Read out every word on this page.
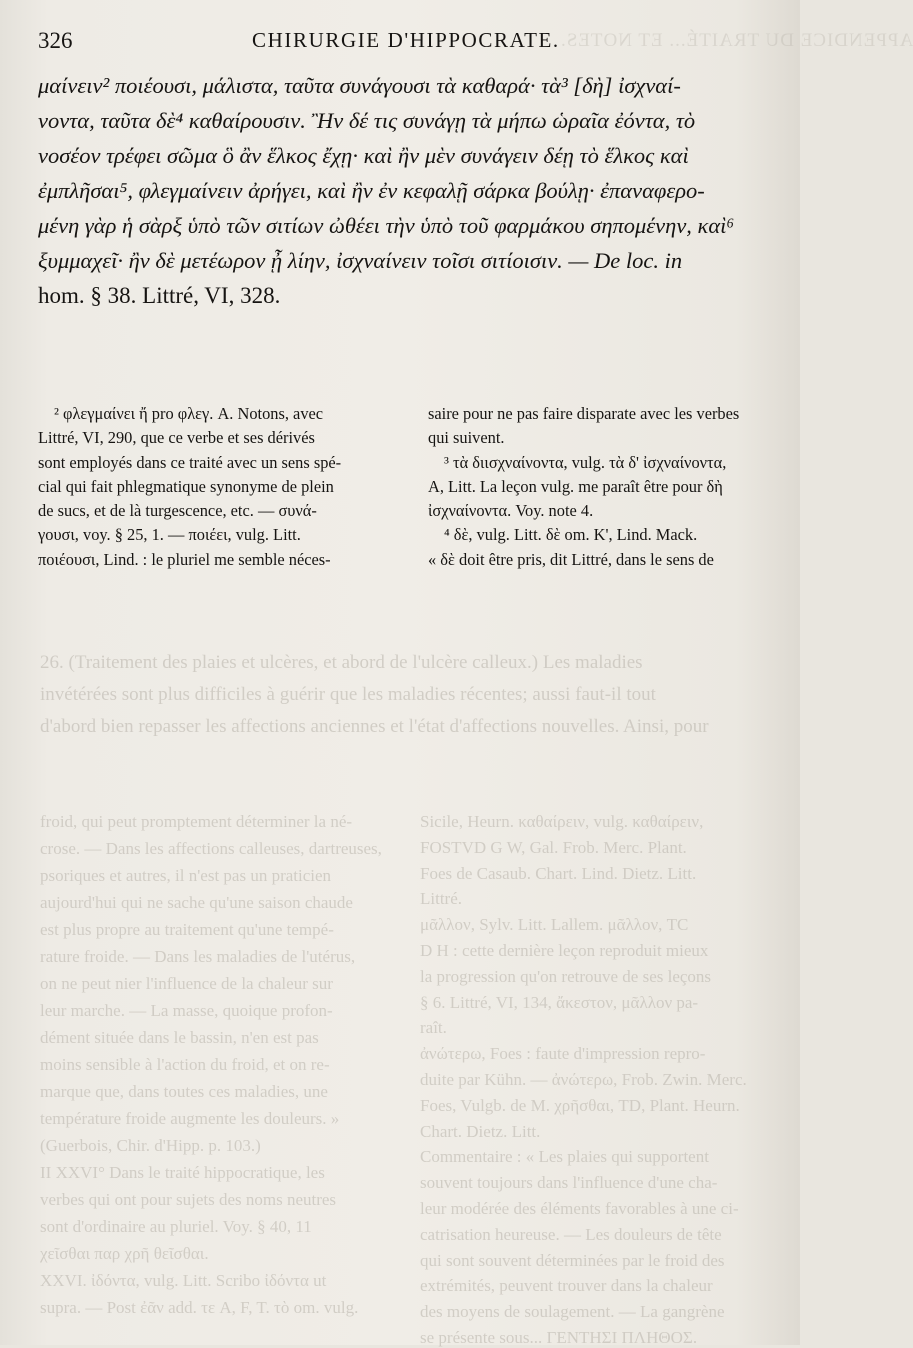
APPENDICE DU TRAITÉ... ET NOTES.
26. (Traitement des plaies et ulcères, et abord de l'ulcère calleux.) Les maladies
invétérées sont plus difficiles à guérir que les maladies récentes; aussi faut-il tout
d'abord bien repasser les affections anciennes et l'état d'affections nouvelles. Ainsi, pour
froid, qui peut promptement déterminer la né-
crose. — Dans les affections calleuses, dartreuses,
psoriques et autres, il n'est pas un praticien
aujourd'hui qui ne sache qu'une saison chaude
est plus propre au traitement qu'une tempé-
rature froide. — Dans les maladies de l'utérus,
on ne peut nier l'influence de la chaleur sur
leur marche. — La masse, quoique profon-
dément située dans le bassin, n'en est pas
moins sensible à l'action du froid, et on re-
marque que, dans toutes ces maladies, une
température froide augmente les douleurs. »
(Guerbois, Chir. d'Hipp. p. 103.)
II XXVI° Dans le traité hippocratique, les
verbes qui ont pour sujets des noms neutres
sont d'ordinaire au pluriel. Voy. § 40, 11
χεῖσθαι παρ χρῆ θεῖσθαι.
XXVI. ἰδόντα, vulg. Litt. Scribo ἰδόντα ut
supra. — Post ἐᾶν add. τε A, F, T. τὸ om. vulg.
Sicile, Heurn. καθαίρειν, vulg. καθαίρειν,
FOSTVD G W, Gal. Frob. Merc. Plant.
Foes de Casaub. Chart. Lind. Dietz. Litt.
Littré.
μᾶλλον, Sylv. Litt. Lallem. μᾶλλον, TC
D H : cette dernière leçon reproduit mieux
la progression qu'on retrouve de ses leçons
§ 6. Littré, VI, 134, ἄκεστον, μᾶλλον pa-
raît.
ἀνώτερω, Foes : faute d'impression repro-
duite par Kühn. — ἀνώτερω, Frob. Zwin. Merc.
Foes, Vulgb. de M. χρῆσθαι, TD, Plant. Heurn.
Chart. Dietz. Litt.
Commentaire : « Les plaies qui supportent
souvent toujours dans l'influence d'une cha-
leur modérée des éléments favorables à une ci-
catrisation heureuse. — Les douleurs de tête
qui sont souvent déterminées par le froid des
extrémités, peuvent trouver dans la chaleur
des moyens de soulagement. — La gangrène
se présente sous... ΓΕΝΤΗΣΙ ΠΛΗΘΟΣ.
326	CHIRURGIE D'HIPPOCRATE.
μαίνειν² ποιέουσι, μάλιστα, ταῦτα συνάγουσι τὰ καθαρά· τὰ³ [δὴ] ἰσχναί-
νοντα, ταῦτα δὲ⁴ καθαίρουσιν. Ἢν δέ τις συνάγῃ τὰ μήπω ὡραῖα ἐόντα, τὸ
νοσέον τρέφει σῶμα ὃ ἂν ἕλκος ἔχῃ· καὶ ἢν μὲν συνάγειν δέῃ τὸ ἕλκος καὶ
ἐμπλῆσαι⁵, φλεγμαίνειν ἀρήγει, καὶ ἢν ἐν κεφαλῇ σάρκα βούλῃ· ἐπαναφερο-
μένη γὰρ ἡ σὰρξ ὑπὸ τῶν σιτίων ὠθέει τὴν ὑπὸ τοῦ φαρμάκου σηπομένην, καὶ⁶
ξυμμαχεῖ· ἢν δὲ μετέωρον ᾖ λίην, ἰσχναίνειν τοῖσι σιτίοισιν. — De loc. in
hom. § 38. Littré, VI, 328.
² φλεγμαίνει ἤ pro φλεγ. A. Notons, avec
Littré, VI, 290, que ce verbe et ses dérivés
sont employés dans ce traité avec un sens spé-
cial qui fait phlegmatique synonyme de plein
de sucs, et de là turgescence, etc. — συνά-
γουσι, voy. § 25, 1. — ποιέει, vulg. Litt.
ποιέουσι, Lind. : le pluriel me semble néces-
saire pour ne pas faire disparate avec les verbes
qui suivent.
³ τὰ διισχναίνοντα, vulg. τὰ δ' ἰσχναίνοντα,
A, Litt. La leçon vulg. me paraît être pour δὴ
ἰσχναίνοντα. Voy. note 4.
⁴ δὲ, vulg. Litt. δὲ om. K', Lind. Mack.
« δὲ doit être pris, dit Littré, dans le sens de
